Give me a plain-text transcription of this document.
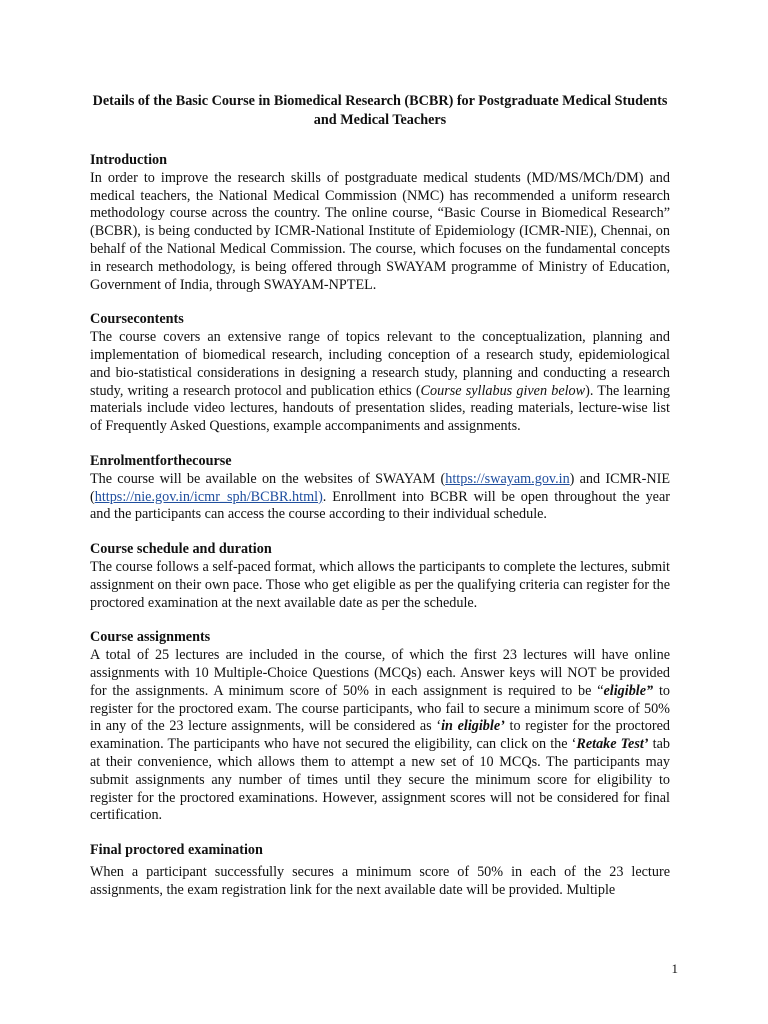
Details of the Basic Course in Biomedical Research (BCBR) for Postgraduate Medical Students and Medical Teachers

Introduction

In order to improve the research skills of postgraduate medical students (MD/MS/MCh/DM) and medical teachers, the National Medical Commission (NMC) has recommended a uniform research methodology course across the country. The online course, “Basic Course in Biomedical Research” (BCBR), is being conducted by ICMR-National Institute of Epidemiology (ICMR-NIE), Chennai, on behalf of the National Medical Commission. The course, which focuses on the fundamental concepts in research methodology, is being offered through SWAYAM programme of Ministry of Education, Government of India, through SWAYAM-NPTEL.

Coursecontents

The course covers an extensive range of topics relevant to the conceptualization, planning and implementation of biomedical research, including conception of a research study, epidemiological and bio-statistical considerations in designing a research study, planning and conducting a research study, writing a research protocol and publication ethics (Course syllabus given below). The learning materials include video lectures, handouts of presentation slides, reading materials, lecture-wise list of Frequently Asked Questions, example accompaniments and assignments.

Enrolmentforthecourse

The course will be available on the websites of SWAYAM (https://swayam.gov.in) and ICMR-NIE (https://nie.gov.in/icmr_sph/BCBR.html). Enrollment into BCBR will be open throughout the year and the participants can access the course according to their individual schedule.

Course schedule and duration

The course follows a self-paced format, which allows the participants to complete the lectures, submit assignment on their own pace. Those who get eligible as per the qualifying criteria can register for the proctored examination at the next available date as per the schedule.

Course assignments

A total of 25 lectures are included in the course, of which the first 23 lectures will have online assignments with 10 Multiple-Choice Questions (MCQs) each. Answer keys will NOT be provided for the assignments. A minimum score of 50% in each assignment is required to be “eligible” to register for the proctored exam. The course participants, who fail to secure a minimum score of 50% in any of the 23 lecture assignments, will be considered as ‘in eligible’ to register for the proctored examination. The participants who have not secured the eligibility, can click on the ‘Retake Test’ tab at their convenience, which allows them to attempt a new set of 10 MCQs. The participants may submit assignments any number of times until they secure the minimum score for eligibility to register for the proctored examinations. However, assignment scores will not be considered for final certification.

Final proctored examination

When a participant successfully secures a minimum score of 50% in each of the 23 lecture assignments, the exam registration link for the next available date will be provided. Multiple

1
